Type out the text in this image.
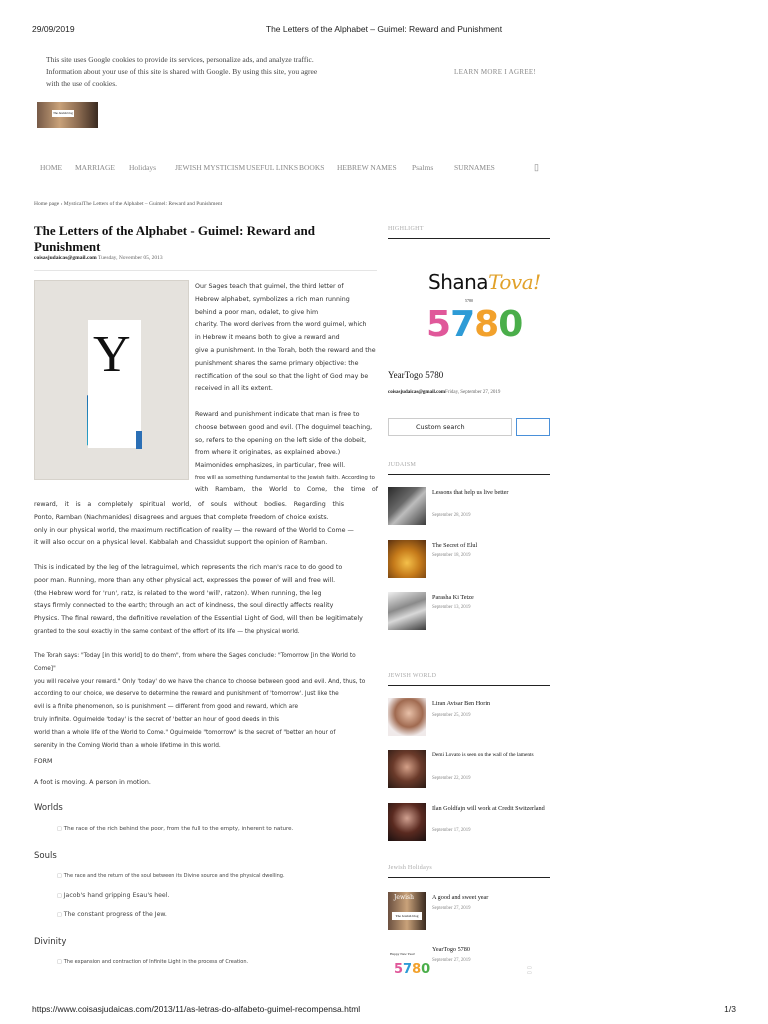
29/09/2019	The Letters of the Alphabet – Guimel: Reward and Punishment
https://www.coisasjudaicas.com/2013/11/as-letras-do-alfabeto-guimel-recompensa.html	1/3
This site uses Google cookies to provide its services, personalize ads, and analyze traffic.
Information about your use of this site is shared with Google. By using this site, you agree
with the use of cookies.
LEARN MORE I AGREE!
The Jewish blog
HOME MARRIAGE Holidays	JEWISH MYSTICISM USEFUL LINKS BOOKS HEBREW NAMES Psalms	SURNAMES	▯
Home page › MysticalThe Letters of the Alphabet – Guimel: Reward and Punishment
The Letters of the Alphabet - Guimel: Reward and Punishment
coisasjudaicas@gmail.com Tuesday, November 05, 2013
Y
Our Sages teach that guimel, the third letter of
Hebrew alphabet, symbolizes a rich man running
behind a poor man, odalet, to give him
charity. The word derives from the word guimel, which
in Hebrew it means both to give a reward and
give a punishment. In the Torah, both the reward and the
punishment shares the same primary objective: the
rectification of the soul so that the light of God may be
received in all its extent.
Reward and punishment indicate that man is free to
choose between good and evil. (The doguimel teaching,
so, refers to the opening on the left side of the dobeit,
from where it originates, as explained above.)
Maimonides emphasizes, in particular, free will.
free will as something fundamental to the Jewish faith. According to
with Rambam, the World to Come, the time of
reward, it is a completely spiritual world, of souls without bodies. Regarding this
Ponto, Ramban (Nachmanides) disagrees and argues that complete freedom of choice exists.
only in our physical world, the maximum rectification of reality — the reward of the World to Come —
it will also occur on a physical level. Kabbalah and Chassidut support the opinion of Ramban.
This is indicated by the leg of the letraguimel, which represents the rich man's race to do good to
poor man. Running, more than any other physical act, expresses the power of will and free will.
(the Hebrew word for 'run', ratz, is related to the word 'will', ratzon). When running, the leg
stays firmly connected to the earth; through an act of kindness, the soul directly affects reality
Physics. The final reward, the definitive revelation of the Essential Light of God, will then be legitimately
granted to the soul exactly in the same context of the effort of its life — the physical world.
The Torah says: "Today [in this world] to do them", from where the Sages conclude: "Tomorrow [in the World to Come]"
you will receive your reward." Only 'today' do we have the chance to choose between good and evil. And, thus, to
according to our choice, we deserve to determine the reward and punishment of 'tomorrow'. Just like the
evil is a finite phenomenon, so is punishment — different from good and reward, which are
truly infinite. Oguimelde 'today' is the secret of 'better an hour of good deeds in this
world than a whole life of the World to Come." Oguimelde "tomorrow" is the secret of "better an hour of
serenity in the Coming World than a whole lifetime in this world.
FORM
A foot is moving. A person in motion.
Worlds
□ The race of the rich behind the poor, from the full to the empty, inherent to nature.
Souls
□ The race and the return of the soul between its Divine source and the physical dwelling.
□ Jacob's hand gripping Esau's heel.
□ The constant progress of the Jew.
Divinity
□ The expansion and contraction of Infinite Light in the process of Creation.
HIGHLIGHT
ShanaTova!
5780
5780
YearTogo 5780
coisasjudaicas@gmail.comFriday, September 27, 2019
Custom search
JUDAISM
Lessons that help us live better
September 28, 2019
The Secret of Elul
September 18, 2019
Parasha Ki Tetze
September 13, 2019
JEWISH WORLD
Liran Avisar Ben Horin
September 25, 2019
Demi Lovato is seen on the wall of the laments
September 22, 2019
Ilan Goldfajn will work at Credit Switzerland
September 17, 2019
Jewish Holidays
Jewish
The Jewish blog
A good and sweet year
September 27, 2019
Happy New Year!
5780
YearTogo 5780
September 27, 2019
▭
▭
